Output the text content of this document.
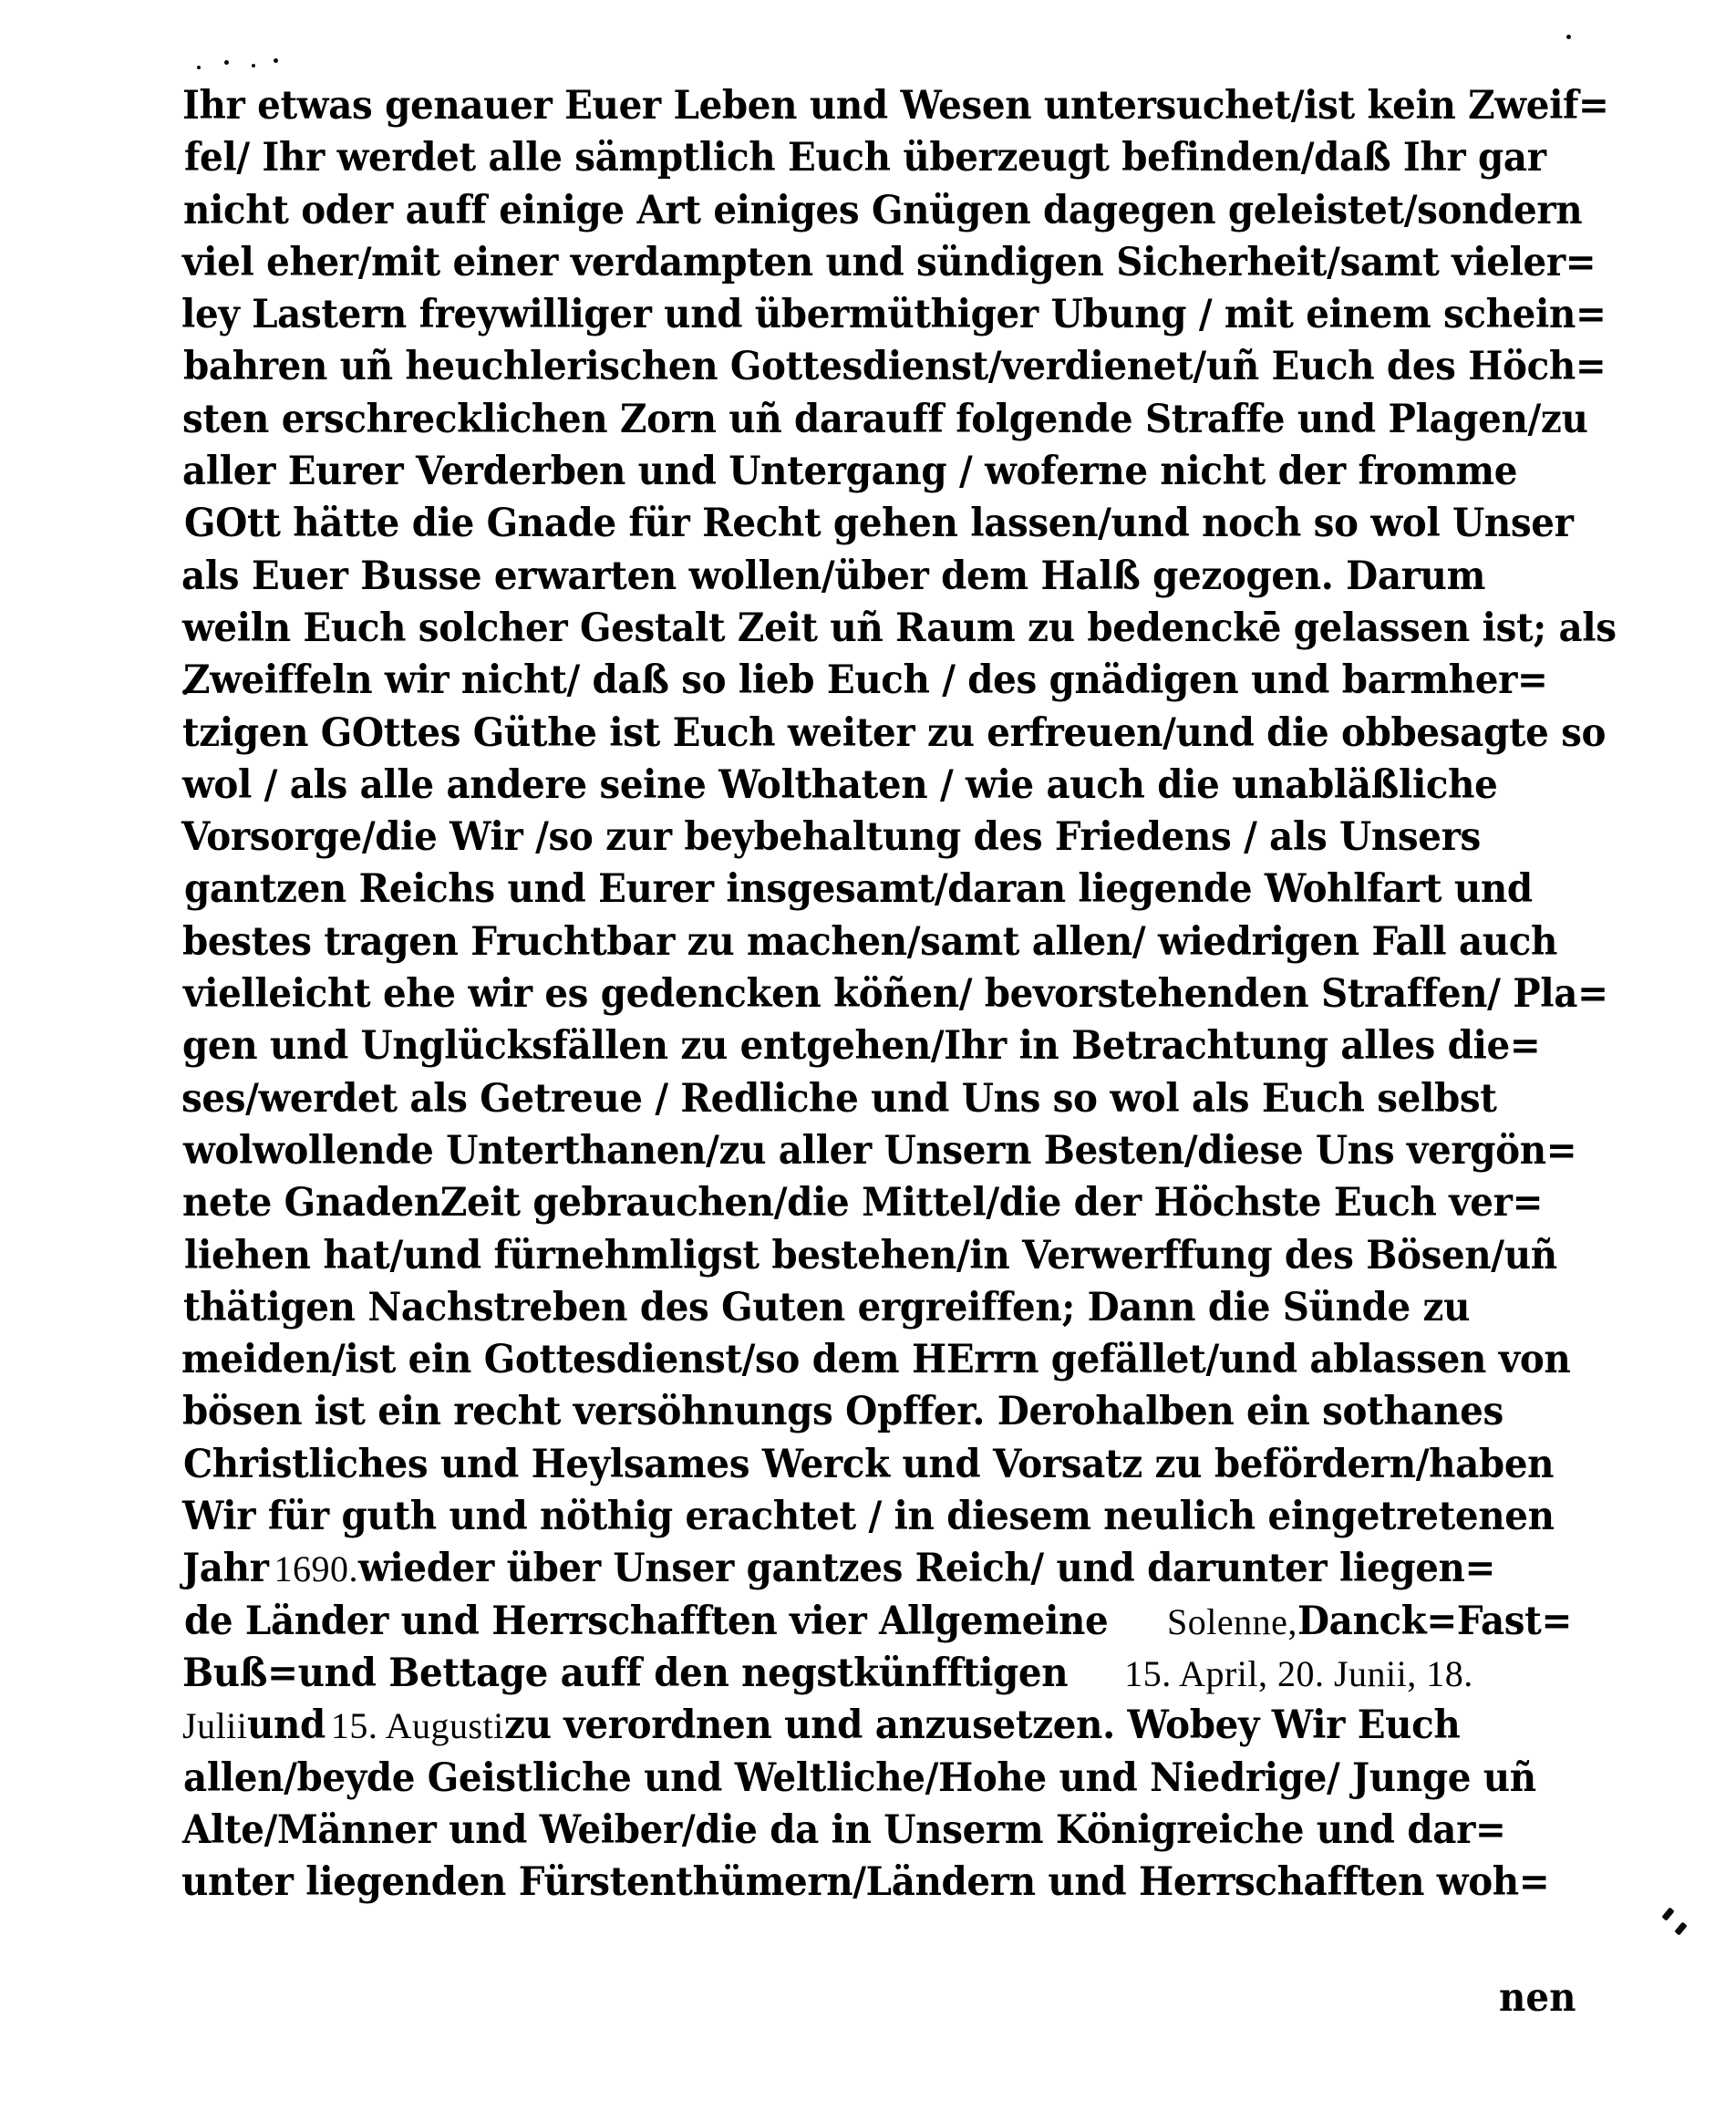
Ihr etwas genauer Euer Leben und Wesen untersuchet/ist kein Zweif=
fel/ Ihr werdet alle sämptlich Euch überzeugt befinden/daß Ihr gar
nicht oder auff einige Art einiges Gnügen dagegen geleistet/sondern
viel eher/mit einer verdampten und sündigen Sicherheit/samt vieler=
ley Lastern freywilliger und übermüthiger Ubung / mit einem schein=
bahren uñ heuchlerischen Gottesdienst/verdienet/uñ Euch des Höch=
sten erschrecklichen Zorn uñ darauff folgende Straffe und Plagen/zu
aller Eurer Verderben und Untergang / woferne nicht der fromme
GOtt hätte die Gnade für Recht gehen lassen/und noch so wol Unser
als Euer Busse erwarten wollen/über dem Halß gezogen. Darum
weiln Euch solcher Gestalt Zeit uñ Raum zu bedenckē gelassen ist; als
Zweiffeln wir nicht/ daß so lieb Euch / des gnädigen und barmher=
tzigen GOttes Güthe ist Euch weiter zu erfreuen/und die obbesagte so
wol / als alle andere seine Wolthaten / wie auch die unabläßliche
Vorsorge/die Wir /so zur beybehaltung des Friedens / als Unsers
gantzen Reichs und Eurer insgesamt/daran liegende Wohlfart und
bestes tragen Fruchtbar zu machen/samt allen/ wiedrigen Fall auch
vielleicht ehe wir es gedencken köñen/ bevorstehenden Straffen/ Pla=
gen und Unglücksfällen zu entgehen/Ihr in Betrachtung alles die=
ses/werdet als Getreue / Redliche und Uns so wol als Euch selbst
wolwollende Unterthanen/zu aller Unsern Besten/diese Uns vergön=
nete GnadenZeit gebrauchen/die Mittel/die der Höchste Euch ver=
liehen hat/und fürnehmligst bestehen/in Verwerffung des Bösen/uñ
thätigen Nachstreben des Guten ergreiffen; Dann die Sünde zu
meiden/ist ein Gottesdienst/so dem HErrn gefället/und ablassen von
bösen ist ein recht versöhnungs Opffer. Derohalben ein sothanes
Christliches und Heylsames Werck und Vorsatz zu befördern/haben
Wir für guth und nöthig erachtet / in diesem neulich eingetretenen
Jahr1690.wieder über Unser gantzes Reich/ und darunter liegen=
de Länder und Herrschafften vier AllgemeineSolenne,Danck=Fast=
Buß=und Bettage auff den negstkünfftigen15. April, 20. Junii, 18.
Juliiund15. Augustizu verordnen und anzusetzen. Wobey Wir Euch
allen/beyde Geistliche und Weltliche/Hohe und Niedrige/ Junge uñ
Alte/Männer und Weiber/die da in Unserm Königreiche und dar=
unter liegenden Fürstenthümern/Ländern und Herrschafften woh=
nen
